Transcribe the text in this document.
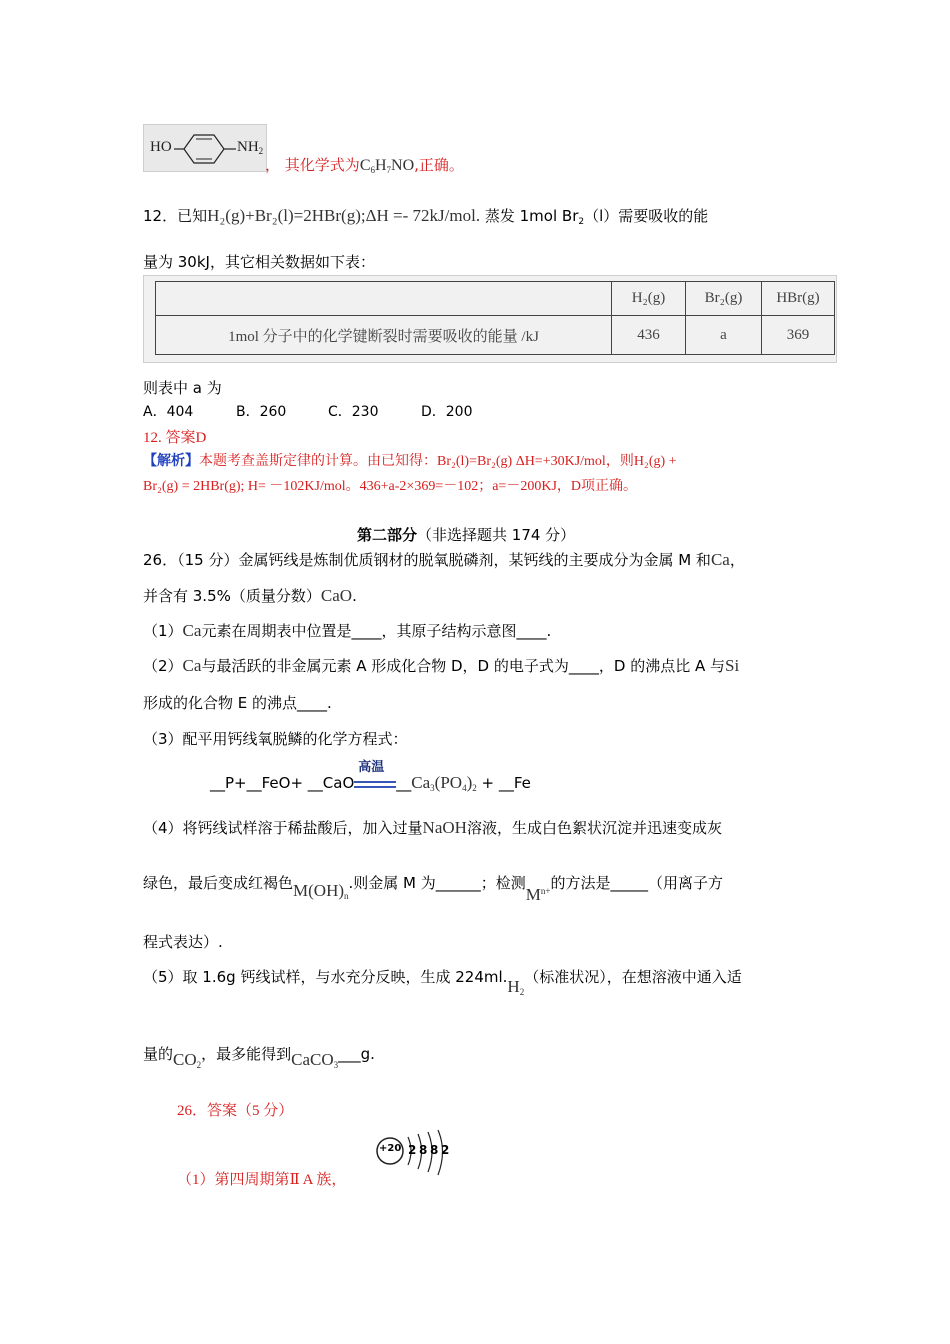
HO	$NH_2$
， 其化学式为$C_6H_7NO$,正确。
12．已知H₂(g)+Br₂(l)=2HBr(g);ΔH =- 72kJ/mol. 蒸发 1mol $Br_2(l)$需要吸收的能
量为 30kJ，其它相关数据如下表：
	H₂(g)	Br₂(g)	HBr(g)
1mol 分子中的化学键断裂时需要吸收的能量 /kJ	436	a	369
则表中 a 为
A．404	B．260	C．230	D．200
12. 答案D
【解析】本题考查盖斯定律的计算。由已知得：Br₂(l)=Br₂(g) ΔH=+30KJ/mol，则H₂(g) +
Br₂(g) = 2HBr(g); H= －102KJ/mol。436+a-2×369=－102；a=－200KJ，D项正确。
第二部分（非选择题共 174 分）
26．（15 分）金属钙线是炼制优质钢材的脱氧脱磷剂，某钙线的主要成分为金属 M 和Ca，
并含有 3.5%（质量分数）CaO.
（1）Ca元素在周期表中位置是____，其原子结构示意图____.
（2）Ca与最活跃的非金属元素 A 形成化合物 D，D 的电子式为____，D 的沸点比 A 与Si
形成的化合物 E 的沸点____.
（3）配平用钙线氧脱鳞的化学方程式：
__P+__FeO+ __CaO
高温
$\_\_Ca_3(PO_4)_2$ + __Fe
（4）将钙线试样溶于稀盐酸后，加入过量NaOH溶液，生成白色絮状沉淀并迅速变成灰
绿色，最后变成红褐色$M(OH)_n$.则金属 M 为______；检测$M^{n+}$的方法是_____（用离子方
程式表达）.
（5）取 1.6g 钙线试样，与水充分反映，生成 $224ml.H_2$（标准状况），在想溶液中通入适
量的$CO_2$，最多能得到CaCO$_3$___g.
26．答案（5 分）
+20 2 8 8 2
（1）第四周期第Ⅱ A 族，
